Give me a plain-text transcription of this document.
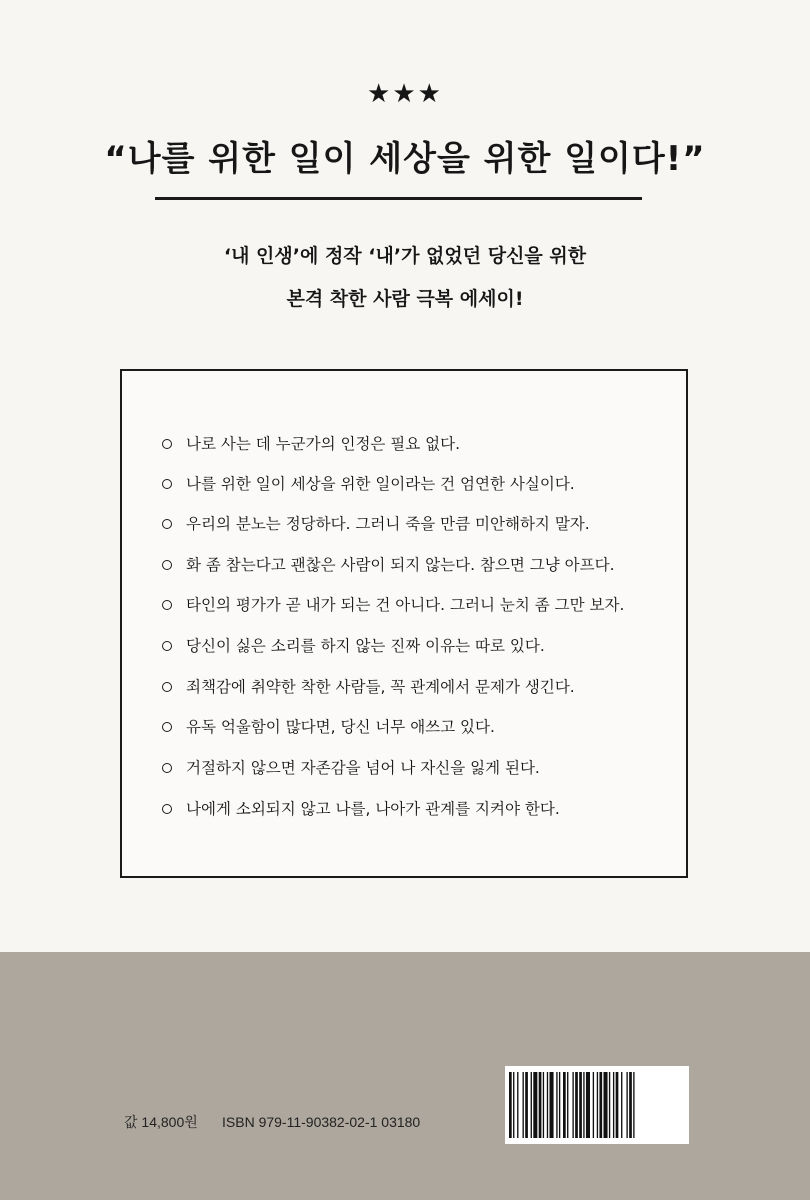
★★★
“나를 위한 일이 세상을 위한 일이다!”
‘내 인생’에 정작 ‘내’가 없었던 당신을 위한
본격 착한 사람 극복 에세이!
나로 사는 데 누군가의 인정은 필요 없다.
나를 위한 일이 세상을 위한 일이라는 건 엄연한 사실이다.
우리의 분노는 정당하다. 그러니 죽을 만큼 미안해하지 말자.
화 좀 참는다고 괜찮은 사람이 되지 않는다. 참으면 그냥 아프다.
타인의 평가가 곧 내가 되는 건 아니다. 그러니 눈치 좀 그만 보자.
당신이 싫은 소리를 하지 않는 진짜 이유는 따로 있다.
죄책감에 취약한 착한 사람들, 꼭 관계에서 문제가 생긴다.
유독 억울함이 많다면, 당신 너무 애쓰고 있다.
거절하지 않으면 자존감을 넘어 나 자신을 잃게 된다.
나에게 소외되지 않고 나를, 나아가 관계를 지켜야 한다.
값 14,800원 ISBN 979-11-90382-02-1 03180
